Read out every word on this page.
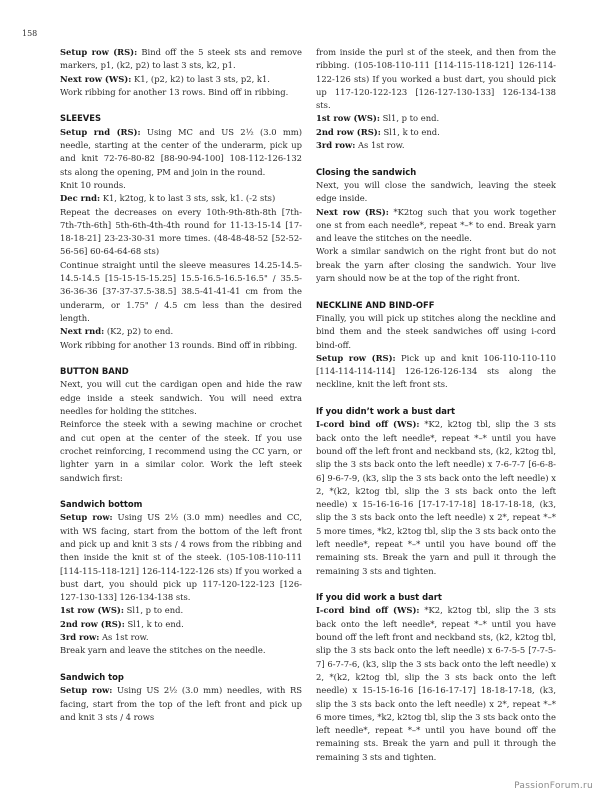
158

Setup row (RS): Bind off the 5 steek sts and remove markers, p1, (k2, p2) to last 3 sts, k2, p1.

Next row (WS): K1, (p2, k2) to last 3 sts, p2, k1.

Work ribbing for another 13 rows. Bind off in ribbing.

SLEEVES

Setup rnd (RS): Using MC and US 2½ (3.0 mm) needle, starting at the center of the underarm, pick up and knit 72-76-80-82 [88-90-94-100] 108-112-126-132 sts along the opening, PM and join in the round.

Knit 10 rounds.

Dec rnd: K1, k2tog, k to last 3 sts, ssk, k1. (-2 sts)

Repeat the decreases on every 10th-9th-8th-8th [7th-7th-7th-6th] 5th-6th-4th-4th round for 11-13-15-14 [17-18-18-21] 23-23-30-31 more times. (48-48-48-52 [52-52-56-56] 60-64-64-68 sts)

Continue straight until the sleeve measures 14.25-14.5-14.5-14.5 [15-15-15-15.25] 15.5-16.5-16.5-16.5" / 35.5-36-36-36 [37-37-37.5-38.5] 38.5-41-41-41 cm from the underarm, or 1.75" / 4.5 cm less than the desired length.

Next rnd: (K2, p2) to end.

Work ribbing for another 13 rounds. Bind off in ribbing.

BUTTON BAND

Next, you will cut the cardigan open and hide the raw edge inside a steek sandwich. You will need extra needles for holding the stitches.

Reinforce the steek with a sewing machine or crochet and cut open at the center of the steek. If you use crochet reinforcing, I recommend using the CC yarn, or lighter yarn in a similar color. Work the left steek sandwich first:

Sandwich bottom

Setup row: Using US 2½ (3.0 mm) needles and CC, with WS facing, start from the bottom of the left front and pick up and knit 3 sts / 4 rows from the ribbing and then inside the knit st of the steek. (105-108-110-111 [114-115-118-121] 126-114-122-126 sts) If you worked a bust dart, you should pick up 117-120-122-123 [126-127-130-133] 126-134-138 sts.

1st row (WS): Sl1, p to end.

2nd row (RS): Sl1, k to end.

3rd row: As 1st row.

Break yarn and leave the stitches on the needle.

Sandwich top

Setup row: Using US 2½ (3.0 mm) needles, with RS facing, start from the top of the left front and pick up and knit 3 sts / 4 rows

from inside the purl st of the steek, and then from the ribbing. (105-108-110-111 [114-115-118-121] 126-114-122-126 sts) If you worked a bust dart, you should pick up 117-120-122-123 [126-127-130-133] 126-134-138 sts.

1st row (WS): Sl1, p to end.

2nd row (RS): Sl1, k to end.

3rd row: As 1st row.

Closing the sandwich

Next, you will close the sandwich, leaving the steek edge inside.

Next row (RS): *K2tog such that you work together one st from each needle*, repeat *–* to end. Break yarn and leave the stitches on the needle.

Work a similar sandwich on the right front but do not break the yarn after closing the sandwich. Your live yarn should now be at the top of the right front.

NECKLINE AND BIND-OFF

Finally, you will pick up stitches along the neckline and bind them and the steek sandwiches off using i-cord bind-off.

Setup row (RS): Pick up and knit 106-110-110-110 [114-114-114-114] 126-126-126-134 sts along the neckline, knit the left front sts.

If you didn’t work a bust dart

I-cord bind off (WS): *K2, k2tog tbl, slip the 3 sts back onto the left needle*, repeat *–* until you have bound off the left front and neckband sts, (k2, k2tog tbl, slip the 3 sts back onto the left needle) x 7-6-7-7 [6-6-8-6] 9-6-7-9, (k3, slip the 3 sts back onto the left needle) x 2, *(k2, k2tog tbl, slip the 3 sts back onto the left needle) x 15-16-16-16 [17-17-17-18] 18-17-18-18, (k3, slip the 3 sts back onto the left needle) x 2*, repeat *–* 5 more times, *k2, k2tog tbl, slip the 3 sts back onto the left needle*, repeat *–* until you have bound off the remaining sts. Break the yarn and pull it through the remaining 3 sts and tighten.

If you did work a bust dart

I-cord bind off (WS): *K2, k2tog tbl, slip the 3 sts back onto the left needle*, repeat *–* until you have bound off the left front and neckband sts, (k2, k2tog tbl, slip the 3 sts back onto the left needle) x 6-7-5-5 [7-7-5-7] 6-7-7-6, (k3, slip the 3 sts back onto the left needle) x 2, *(k2, k2tog tbl, slip the 3 sts back onto the left needle) x 15-15-16-16 [16-16-17-17] 18-18-17-18, (k3, slip the 3 sts back onto the left needle) x 2*, repeat *–* 6 more times, *k2, k2tog tbl, slip the 3 sts back onto the left needle*, repeat *–* until you have bound off the remaining sts. Break the yarn and pull it through the remaining 3 sts and tighten.

PassionForum.ru
